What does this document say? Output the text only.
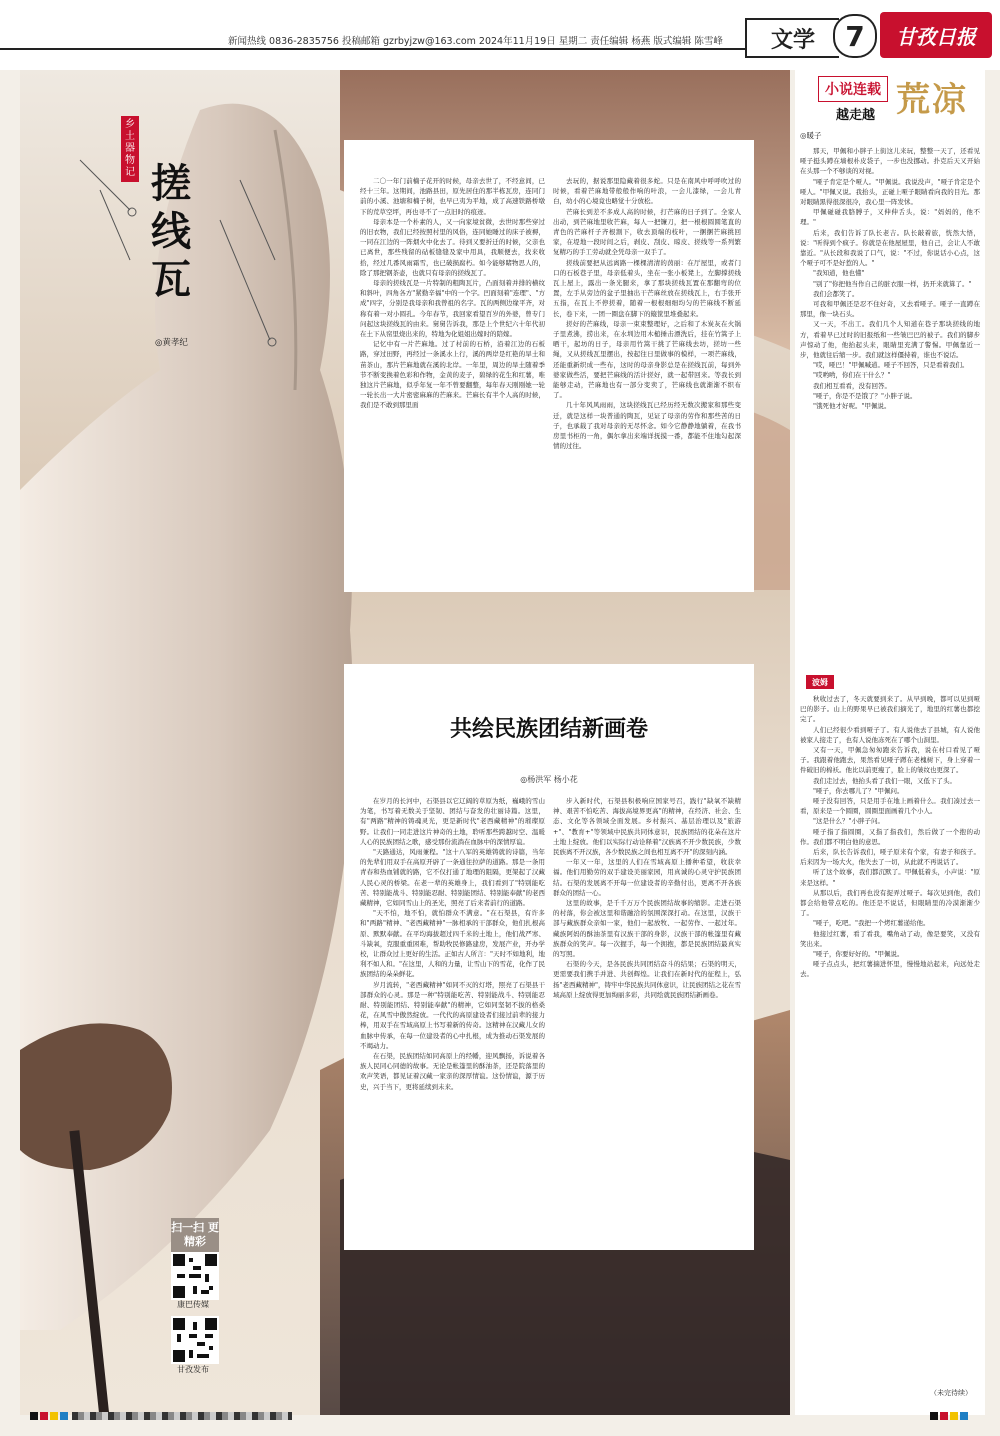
新闻热线 0836-2835756 投稿邮箱 gzrbyjzw@163.com 2024年11月19日 星期二 责任编辑 杨燕 版式编辑 陈雪峰	文学	7	甘孜日报
乡土器物记 搓线瓦
◎黄孝纪

二〇一年门前楠子花开的时候，母亲去世了，不经意间，已经十三年。这期间，池路县田，原先居住的那半栋瓦房，连同门前的小溪、池塘和楠子树，也早已夷为平地，成了高速铁路桥墩下的荒草空坪，再也寻不了一点旧时的痕迹。

母亲本是一个朴素的人，又一向家境贫微，去世时那些穿过的旧衣物，我们已经按照村里的风俗，连同她睡过的床子被褥，一同在江边的一阵烟火中化去了。待到又要折迁的时候，父亲也已离世，那些残留的砧板缝缝及家中用具，我顺便去，找来收拾，经过几番风雨霜雪，也已破损腐朽。如今能够睹物思人的，除了那把钢茶壶，也就只有母亲的搓线瓦了。

母亲的搓线瓦是一片特制的粗陶瓦片，凸面刻着并排的横纹和斜叶，四角各方"紧勤辛福"中的一个字。凹面刻着"连理"、"方成"四字，分别是我母亲和我曾祖的名字。瓦的两侧边缘平齐，对称有着一对小圆孔。今年春节，我回家看望百岁的外婆，曾专门问起这块搓线瓦的由来。舅舅告诉我，那是上个世纪六十年代初在土下从窑里烧出来的，特地为化姐姐出嫁时的陪嫁。

记忆中有一片芒麻地。过了村前的石桥，沿着江边的石板路，穿过田野，再经过一条溪水上行，溪的两岸是红艳的旱土和苗茶山，那片芒麻地就在溪的北岸。一年里，周边的旱土随着季节不断变换着色彩和作物，金黄的麦子，碧绿的花生和红薯，唯独这片芒麻地，似乎年复一年不曾要翻整，每年春天刚刚她一轮一轮长出一大片密密麻麻的芒麻来。芒麻长有半个人高的时候，我们是不敢到那里面

去玩的，据说那里隐藏着很多蛇。只是在南风中呼呼吹过的时候，看着芒麻地带般般作响的叶浪，一会儿漆绿，一会儿青白，幼小的心境竟也略觉十分放松。

芒麻长到差不多成人高的时候，打芒麻的日子到了。全家人出动，到芒麻地里收芒麻，每人一把镰刀，把一根根圆圆笔直的青色的芒麻杆子齐根割下，收去顶端的枝叶，一捆捆芒麻挑回家，在堤地一段时间之后，剥皮、刮皮、晾皮、搓线等一系列繁复精巧的手工劳动就全凭母亲一双手了。

搓线前要把从远离路一棵棵清清的茵丽：在厅屋里，或者门口的石板巷子里，母亲低着头，坐在一张小板凳上，左脚撑搓线瓦上屋上，露出一条光腿来，拿了那块搓线瓦置在那翻弯的位置，左手从旁边的盆子里抽出干芒麻丝放在搓线瓦上，右手张开五指，在瓦上不停搓着，随着一根根细细均匀的芒麻线不断延长，卷下来，一团一圈盘在脚下的簸筐里堆叠起来。

搓好的芒麻线，母亲一束束整理好，之后和了木炭灰在火锅子里煮沸，捞出来，在水圳边用木槌捶击漂洗后，挂在竹篙子上晒干，起坊的日子，母亲用竹篙干挑了芒麻线去坊，搓坊一些绳，又从搓线瓦里摆出，按起往日里做事的模样，一项芒麻线，还能重新织成一些布，这时的母亲身影总是在搓线瓦前，每到外婆家做些活，要把芒麻线的活计搓好，就一起带回来。等我长到能够走动，芒麻地也有一部分变卖了，芒麻线也就渐渐不织布了。

几十年风风雨雨，这块搓线瓦已经历经无数次搬家和那些变迁，就是这样一块普通的陶瓦，见证了母亲的劳作和那些苦的日子，也承载了我对母亲的无尽怀念。如今它静静地躺着，在我书房里书柜的一角，偶尔拿出来端详抚摸一番，都能不住地勾起深情的过往。

共绘民族团结新画卷
◎杨洪军 杨小花

在岁月的长河中，石渠县以它辽阔的草原为纸，巍峨的雪山为笔，书写着无数关于坚韧、团结与奋发的壮丽诗篇。这里，有"两路"精神的铸魂灵光，更是新时代"老西藏精神"的璀璨原野。让我们一同走进这片神奇的土地，聆听那些跨越时空、温暖人心的民族团结之歌，感受那份流淌在血脉中的深情厚谊。

"天路通达，风雨兼程。"这十八军的英雄铸就的诗篇，当年的先辈们用双手在高原开辟了一条通往拉萨的道路。那是一条用青春和热血铺就的路，它不仅打通了地理的阻隔，更架起了汉藏人民心灵的桥梁。在老一辈的英雄身上，我们看到了"特别能吃苦、特别能战斗、特别能忍耐、特别能团结、特别能奉献"的老西藏精神，它如同雪山上的圣光，照亮了后来者前行的道路。

"天不怕，地不怕，就怕群众不满意。"在石渠县，有许多和"两路"精神、"老西藏精神"一脉相承的干部群众，他们扎根高原、默默奉献。在平均海拔超过四千米的土地上，他们战严寒、斗缺氧，克服重重困难，帮助牧民修路建房，发展产业，开办学校，让群众过上更好的生活。正如古人所言："天时不如地利，地利不如人和。"在这里，人和的力量，让雪山下的雪花，化作了民族团结的朵朵鲜花。

岁月流转，"老西藏精神"如同不灭的灯塔，照亮了石渠县干部群众的心灵。那是一种"特别能吃苦、特别能战斗、特别能忍耐、特别能团结、特别能奉献"的精神，它如同坚韧不拔的格桑花，在风雪中傲然绽放。一代代的高原建设者们接过前辈的接力棒，用双手在雪域高原上书写着新的传奇。这精神在汉藏儿女的血脉中传承，在每一位建设者的心中扎根，成为推动石渠发展的不竭动力。

在石渠，民族团结如同高原上的经幡，迎风飘扬，诉说着各族人民同心同德的故事。无论是帐篷里的酥油茶，还是院落里的欢声笑语，都见证着汉藏一家亲的深厚情谊。这份情谊，源于历史，兴于当下，更将延续到未来。

步入新时代，石渠县积极响应国家号召，践行"缺氧不缺精神、艰苦不怕吃苦、海拔高境界更高"的精神，在经济、社会、生态、文化等各领域全面发展。乡村振兴、基层治理以及"旅游+"、"教育+"等领域中民族共同体意识，民族团结的花朵在这片土地上绽放。他们以实际行动诠释着"汉族离不开少数民族，少数民族离不开汉族，各少数民族之间也相互离不开"的深刻内涵。

一年又一年，这里的人们在雪域高原上播种希望，收获幸福。他们用勤劳的双手建设美丽家园，用真诚的心灵守护民族团结。石渠的发展离不开每一位建设者的辛勤付出，更离不开各族群众的团结一心。

这里的故事，是千千万万个民族团结故事的缩影。走进石渠的村落，你会被这里和谐融洽的氛围深深打动。在这里，汉族干部与藏族群众亲如一家，他们一起放牧、一起劳作、一起过年。藏族阿妈的酥油茶里有汉族干部的身影，汉族干部的帐篷里有藏族群众的笑声。每一次握手，每一个拥抱，都是民族团结最真实的写照。

石渠的今天，是各民族共同团结奋斗的结果；石渠的明天，更需要我们携手并进、共创辉煌。让我们在新时代的征程上，弘扬"老西藏精神"，铸牢中华民族共同体意识，让民族团结之花在雪域高原上绽放得更加绚丽多彩，共同绘就民族团结新画卷。

小说连载
越走越 荒凉
◎暖子

那天，甲佩和小胖子上街这儿来玩，整整一天了，还看见哑子挺头蹲在墙根朴皮袋子，一步也没挪动。扑克后天又开始在头那一个不够谈的对视。

"哑子肯定是个哑人。"甲佩说。我说没声，"哑子肯定是个哑人。"甲佩又说。我抬头，正碰上哑子眼睛看向我的目光。那对眼睛黑得很深很冷，我心里一阵发怵。

甲佩碰碰我胳膊子，又伸伸舌头，说："妈妈的，他不理。"

后来，我们告诉了队长老吉。队长敲着旅，恍然大悟，说："听得到个疯子。你就是在他屋屋里，他自己，会让人不敢靠近。"从长段和我说了口气，说："不过，你说话小心点，这个哑子可不是好惹的人。"

"我知道，他也懂"

"别了"你把他当作自己的脏衣服一样，扔开来就算了。"

我们会都笑了。

可我和甲佩还是忍不住好奇，又去看哑子。哑子一直蹲在那里，像一块石头。

又一天，不出工。我们几个人知道在巷子那块搓线的地方，看着早已过时的旧报纸和一些皱巴巴的被子。我们的脚步声惊动了他，他抬起头来，眼睛里充满了警惕。甲佩靠近一步，他就往后缩一步。我们就这样僵持着，谁也不说话。

"哎，哑巴！"甲佩喊道。哑子不回答，只是看着我们。

"哎哟哟，你们在干什么？"

我们相互看看，没有回答。

"哑子，你是不是饿了？"小胖子说。

"饿死他才好呢。"甲佩说。

波姆

秋收过去了，冬天就要到来了。从早到晚，都可以见到哑巴的影子。山上的野果早已被我们摘光了，地里的红薯也都挖完了。

人们已经很少看到哑子了。有人说他去了县城，有人说他被家人接走了，也有人说他冻死在了哪个山洞里。

又有一天，甲佩急匆匆跑来告诉我，说在村口看见了哑子。我跟着他跑去，果然看见哑子蹲在老槐树下，身上穿着一件破旧的棉袄。他比以前更瘦了，脸上的皱纹也更深了。

我们走过去，他抬头看了我们一眼，又低下了头。

"哑子，你去哪儿了？"甲佩问。

哑子没有回答，只是用手在地上画着什么。我们凑过去一看，原来是一个圆圈，圆圈里面画着几个小人。

"这是什么？"小胖子问。

哑子指了指圆圈，又指了指我们，然后做了一个抱的动作。我们都不明白他的意思。

后来，队长告诉我们，哑子原来有个家，有妻子和孩子。后来因为一场大火，他失去了一切，从此就不再说话了。

听了这个故事，我们都沉默了。甲佩低着头，小声说："原来是这样。"

从那以后，我们再也没有捉弄过哑子。每次见到他，我们都会给他带点吃的。他还是不说话，但眼睛里的冷漠渐渐少了。

"哑子，吃吧。"我把一个烤红薯递给他。

他接过红薯，看了看我，嘴角动了动，像是要笑，又没有笑出来。

"哑子，你要好好的。"甲佩说。

哑子点点头，把红薯揣进怀里，慢慢地站起来，向远处走去。

（未完待续）
扫一扫 更精彩
康巴传媒
甘孜发布
